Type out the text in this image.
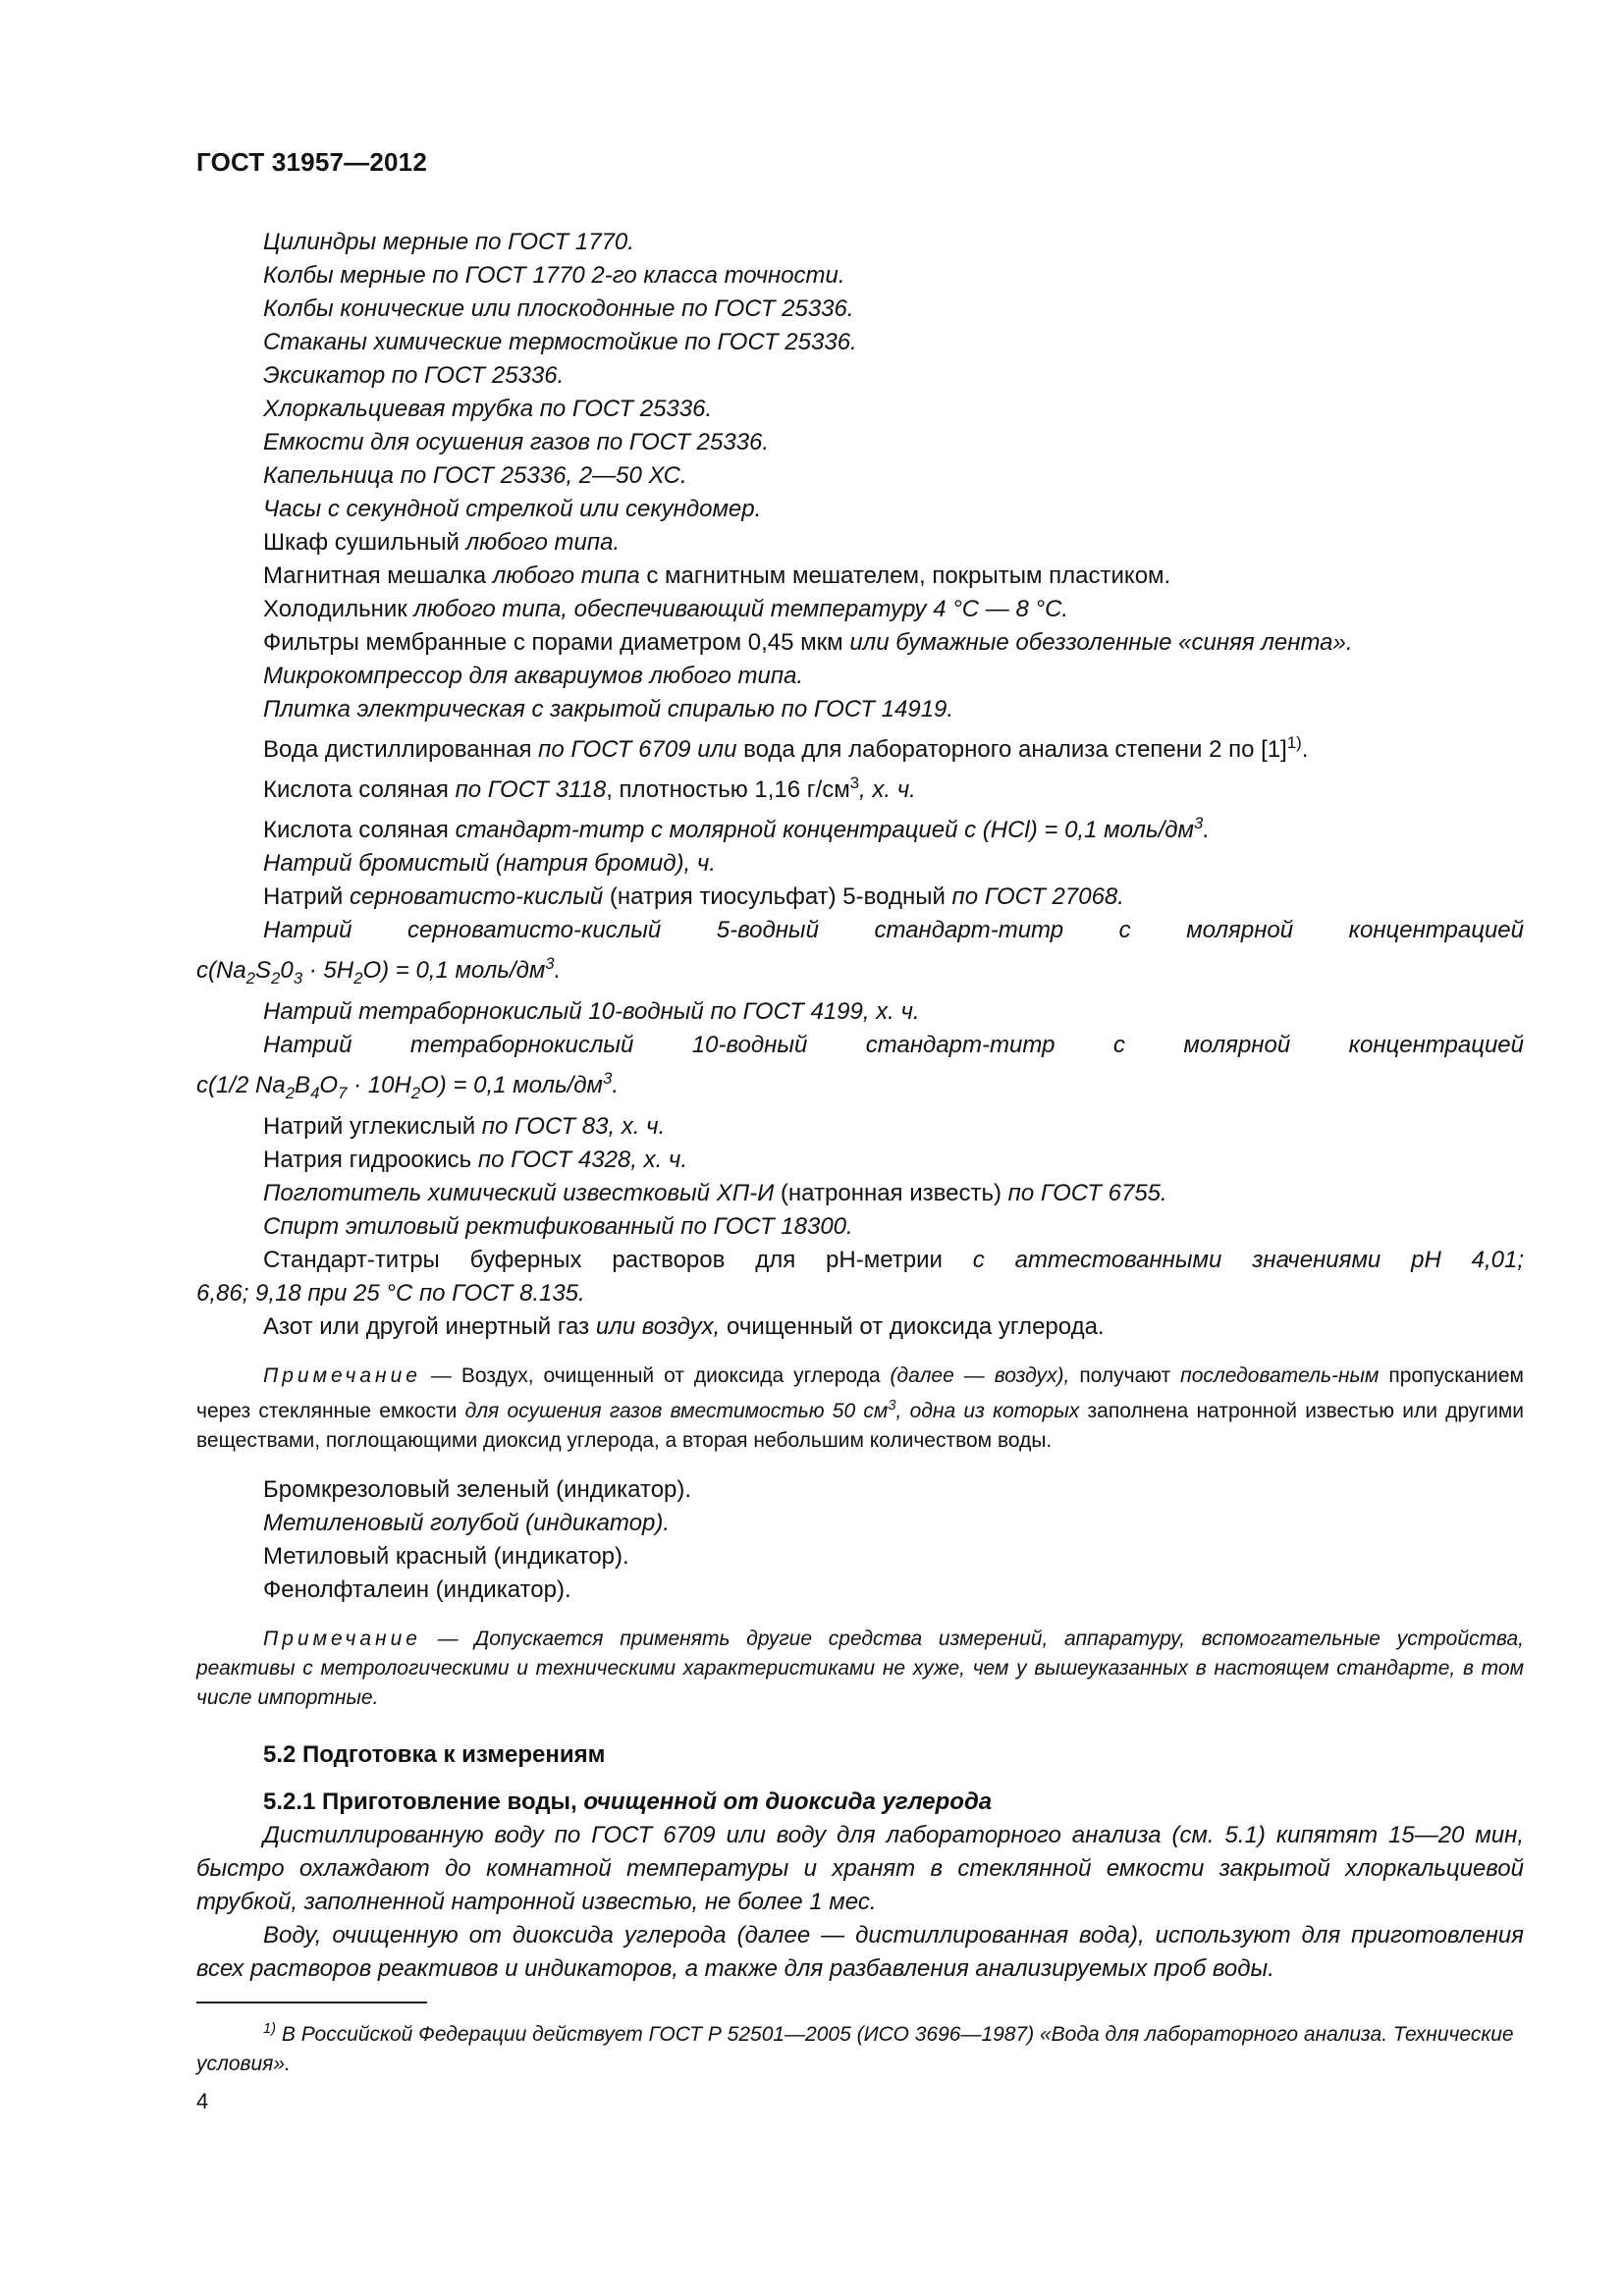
ГОСТ 31957—2012

Цилиндры мерные по ГОСТ 1770.

Колбы мерные по ГОСТ 1770 2-го класса точности.

Колбы конические или плоскодонные по ГОСТ 25336.

Стаканы химические термостойкие по ГОСТ 25336.

Эксикатор по ГОСТ 25336.

Хлоркальциевая трубка по ГОСТ 25336.

Емкости для осушения газов по ГОСТ 25336.

Капельница по ГОСТ 25336, 2—50 ХС.

Часы с секундной стрелкой или секундомер.

Шкаф сушильный любого типа.

Магнитная мешалка любого типа с магнитным мешателем, покрытым пластиком.

Холодильник любого типа, обеспечивающий температуру 4 °С — 8 °С.

Фильтры мембранные с порами диаметром 0,45 мкм или бумажные обеззоленные «синяя лента».

Микрокомпрессор для аквариумов любого типа.

Плитка электрическая с закрытой спиралью по ГОСТ 14919.

Вода дистиллированная по ГОСТ 6709 или вода для лабораторного анализа степени 2 по $[1]^{1)}$.

Кислота соляная по ГОСТ 3118, плотностью 1,16 $г/см^3$, х. ч.

Кислота соляная стандарт-титр с молярной концентрацией с (HCl) = 0,1 моль/$дм^3$.

Натрий бромистый (натрия бромид), ч.

Натрий серноватисто-кислый (натрия тиосульфат) 5-водный по ГОСТ 27068.

Натрий серноватисто-кислый 5-водный стандарт-титр с молярной концентрацией

$c(Na_2S_20_3 \cdot 5H_2O) = 0,1$ моль/$дм^3$.

Натрий тетраборнокислый 10-водный по ГОСТ 4199, х. ч.

Натрий тетраборнокислый 10-водный стандарт-титр с молярной концентрацией

c(1/2 $Na_2B_4O_7 \cdot 10H_2O) = 0,1$ моль/$дм^3$.

Натрий углекислый по ГОСТ 83, х. ч.

Натрия гидроокись по ГОСТ 4328, х. ч.

Поглотитель химический известковый ХП-И (натронная известь) по ГОСТ 6755.

Спирт этиловый ректификованный по ГОСТ 18300.

Стандарт-титры буферных растворов для рН-метрии с аттестованными значениями рН 4,01;

6,86; 9,18 при 25 °С по ГОСТ 8.135.

Азот или другой инертный газ или воздух, очищенный от диоксида углерода.

Примечание — Воздух, очищенный от диоксида углерода (далее — воздух), получают последователь-ным пропусканием через стеклянные емкости для осушения газов вместимостью 50 $см^3$, одна из которых заполнена натронной известью или другими веществами, поглощающими диоксид углерода, а вторая небольшим количеством воды.

Бромкрезоловый зеленый (индикатор).

Метиленовый голубой (индикатор).

Метиловый красный (индикатор).

Фенолфталеин (индикатор).

Примечание — Допускается применять другие средства измерений, аппаратуру, вспомогательные устройства, реактивы с метрологическими и техническими характеристиками не хуже, чем у вышеуказанных в настоящем стандарте, в том числе импортные.
5.2 Подготовка к измерениям
5.2.1 Приготовление воды, очищенной от диоксида углерода

Дистиллированную воду по ГОСТ 6709 или воду для лабораторного анализа (см. 5.1) кипятят 15—20 мин, быстро охлаждают до комнатной температуры и хранят в стеклянной емкости закрытой хлоркальциевой трубкой, заполненной натронной известью, не более 1 мес.

Воду, очищенную от диоксида углерода (далее — дистиллированная вода), используют для приготовления всех растворов реактивов и индикаторов, а также для разбавления анализируемых проб воды.

$^{1)}$ В Российской Федерации действует ГОСТ Р 52501—2005 (ИСО 3696—1987) «Вода для лабораторного анализа. Технические условия».
4
